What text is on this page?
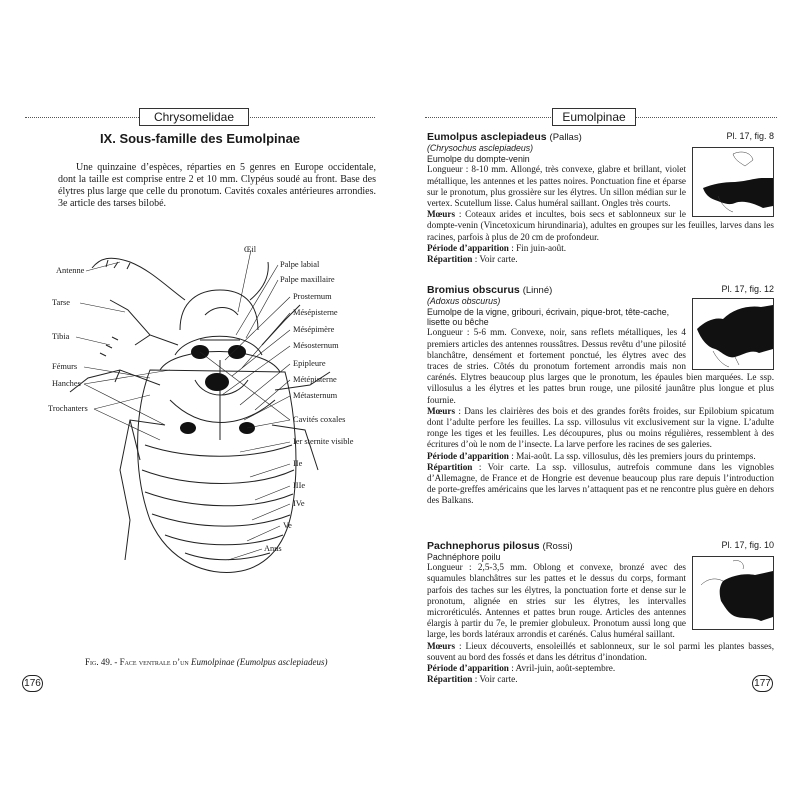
Chrysomelidae
IX. Sous-famille des Eumolpinae

Une quinzaine d’espèces, réparties en 5 genres en Europe occidentale, dont la taille est comprise entre 2 et 10 mm. Clypéus soudé au front. Base des élytres plus large que celle du pronotum. Cavités coxales antérieures arrondies. 3e article des tarses bilobé.

Antenne
Tarse
Tibia
Fémurs
Hanches
Trochanters
Œil
Palpe labial
Palpe maxillaire
Prosternum
Mésépisterne
Mésépimère
Mésosternum
Epipleure
Métépisterne
Métasternum
Cavités coxales
Ier sternite visible
IIe
IIIe
IVe
Ve
Anus
Fig. 49. - Face ventrale d’un Eumolpinae (Eumolpus asclepiadeus)
176
Eumolpinae
Pl. 17, fig. 8
Eumolpus asclepiadeus (Pallas)
(Chrysochus asclepiadeus)
Eumolpe du dompte-venin

Longueur : 8-10 mm. Allongé, très convexe, glabre et brillant, violet métallique, les antennes et les pattes noires. Ponctuation fine et éparse sur le pronotum, plus grossière sur les élytres. Un sillon médian sur le vertex. Scutellum lisse. Calus huméral saillant. Ongles très courts.

Mœurs : Coteaux arides et incultes, bois secs et sablonneux sur le dompte-venin (Vincetoxicum hirundinaria), adultes en groupes sur les feuilles, larves dans les racines, parfois à plus de 20 cm de profondeur.

Période d’apparition : Fin juin-août.

Répartition : Voir carte.

Pl. 17, fig. 12
Bromius obscurus (Linné)
(Adoxus obscurus)
Eumolpe de la vigne, gribouri, écrivain, pique-brot, tête-cache, lisette ou bêche

Longueur : 5-6 mm. Convexe, noir, sans reflets métalliques, les 4 premiers articles des antennes roussâtres. Dessus revêtu d’une pilosité blanchâtre, densément et fortement ponctué, les élytres avec des traces de stries. Côtés du pronotum fortement arrondis mais non carénés. Elytres beaucoup plus larges que le pronotum, les épaules bien marquées. Le ssp. villosulus a les élytres et les pattes brun rouge, une pilosité jaunâtre plus longue et plus fournie.

Mœurs : Dans les clairières des bois et des grandes forêts froides, sur Epilobium spicatum dont l’adulte perfore les feuilles. La ssp. villosulus vit exclusivement sur la vigne. L’adulte ronge les tiges et les feuilles. Les découpures, plus ou moins régulières, ressemblent à des écritures d’où le nom de l’insecte. La larve perfore les racines de ses galeries.

Période d’apparition : Mai-août. La ssp. villosulus, dès les premiers jours du printemps.

Répartition : Voir carte. La ssp. villosulus, autrefois commune dans les vignobles d’Allemagne, de France et de Hongrie est devenue beaucoup plus rare depuis l’introduction de porte-greffes américains que les larves n’attaquent pas et ne rencontre plus guère en dehors des Balkans.

Pl. 17, fig. 10
Pachnephorus pilosus (Rossi)
Pachnéphore poilu

Longueur : 2,5-3,5 mm. Oblong et convexe, bronzé avec des squamules blanchâtres sur les pattes et le dessus du corps, formant parfois des taches sur les élytres, la ponctuation forte et dense sur le pronotum, alignée en stries sur les élytres, les intervalles microréticulés. Antennes et pattes brun rouge. Articles des antennes élargis à partir du 7e, le premier globuleux. Pronotum aussi long que large, les bords latéraux arrondis et carénés. Calus huméral saillant.

Mœurs : Lieux découverts, ensoleillés et sablonneux, sur le sol parmi les plantes basses, souvent au bord des fossés et dans les détritus d’inondation.

Période d’apparition : Avril-juin, août-septembre.

Répartition : Voir carte.	177
